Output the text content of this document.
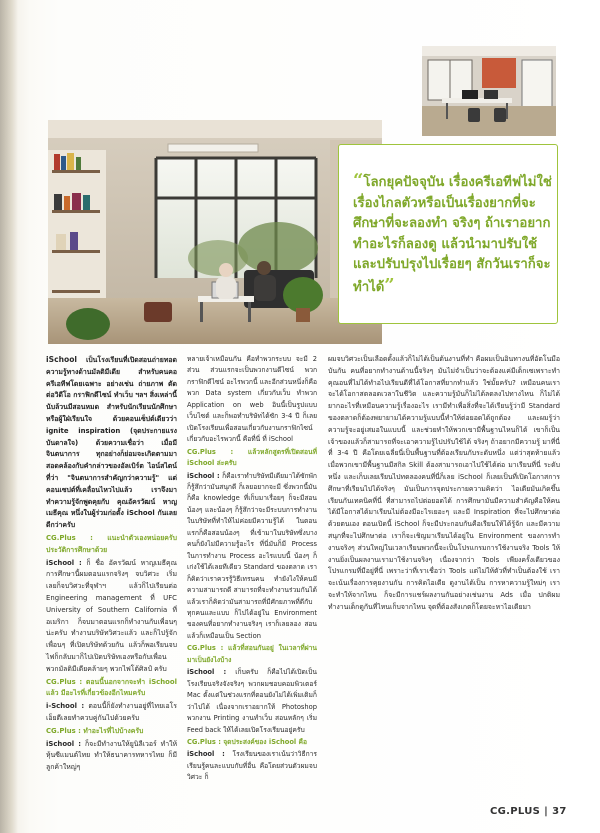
“โลกยุคปัจจุบัน เรื่องครีเอทีฟไม่ใช่เรื่องไกลตัวหรือเป็นเรื่องยากที่จะศึกษาที่จะลองทำ จริงๆ ถ้าเราอยากทำอะไรก็ลองดู แล้วนำมาปรับใช้ และปรับปรุงไปเรื่อยๆ สักวันเราก็จะทำได้”

iSchool เป็นโรงเรียนที่เปิดสอนถ่ายทอดความรู้ทางด้านมัลติมีเดีย สำหรับคนคอครีเอทีฟโดยเฉพาะ อย่างเช่น ถ่ายภาพ ตัดต่อวิดีโอ กราฟิกดีไซน์ ทำเว็บ ฯลฯ สิ่งเหล่านี้นับล้วนมีสอนหมด สำหรับนักเรียนนักศึกษาหรือผู้ใฝ่เรียนใจ ด้วยคอนเซ็ปต์เดียวว่า ignite inspiration (จุดประกายแรงบันดาลใจ) ด้วยความเชื่อว่า เมื่อมีจินตนาการ ทุกอย่างก็ย่อมจะเกิดตามมา สอดคล้องกับคำกล่าวของอัลเบิร์ต ไอน์สไตน์ ที่ว่า "จินตนาการสำคัญกว่าความรู้" แต่คอนเซปต์ที่เคลื่อนไหวไปแล้ว เราจึงมาทำความรู้จักพูดคุยกับ คุณอัครวัฒน์ หาญเมธีคุณ หนึ่งในผู้ร่วมก่อตั้ง iSchool กันเลยดีกว่าครับ

CG.Plus : แนะนำตัวเองหน่อยครับ ประวัติการศึกษาด้วย

iSchool : ก็ ชื่อ อัครวัฒน์ หาญเมธีคุณ การศึกษานี้ผมตอนแรกจริงๆ จบวิศวะ เริ่มเลยก็จบวิศวะที่จุฬาฯ แล้วก็ไปเรียนต่อ Engineering management ที่ UFC University of Southern California ที่อเมริกา ก็จบมาตอนแรกก็ทำงานกับเพื่อนๆ น่ะครับ ทำงานบริษัทวิศวะแล้ว และก็ไปรู้จักเพื่อนๆ ที่เปิดบริษัทด้วยกัน แล้วก็พอเรียนจบไฟก็กลับมาก็ไปเปิดบริษัทเองหรือกับเพื่อน พวกมัลติมีเดียคล้ายๆ พวกไฟโต้ศิลป์ ครับ

CG.Plus : ตอนนี้นอกจากจะทำ iSchool แล้ว มีอะไรที่เกี่ยวข้องอีกไหมครับ

i-School : ตอนนี้ก็ยังทำงานอยู่ที่ไทยเอโรเอ็ยตีเลยทำควบคู่กันไปด้วยครับ

CG.Plus : ทำอะไรที่ไปบ้างครับ

iSchool : ก็จะมีทำงานให้ยูนิลีเวอร์ ทำให้หุ้นซีแมนต์ไทย ทำให้ธนาคารทหารไทย ก็มีลูกค้าใหญ่ๆ

หลายเจ้าเหมือนกัน คือทำพวกระบบ จะมี 2 ส่วน ส่วนแรกจะเป็นพวกงานดีไซน์ พวกกราฟิกดีไซน์ อะไรพวกนี้ และอีกส่วนหนึ่งก็คือพวก Data system เกี่ยวกับเว็บ ทำพวก Application on web อินนี้เป็นรูปแบบเว็บไซต์ และก็พอทำบริษัทได้ซัก 3-4 ปี ก็เลยเปิดโรงเรียนเพื่อสอนเกี่ยวกับงานกราฟิกไซน์ เกี่ยวกับอะไรพวกนี้ คือที่นี่ ที่ iSchool

CG.Plus : แล้วหลักสูตรที่เปิดสอนที่ iSchool ล่ะครับ

iSchool : ก็คือเราทำบริษัทมีเดียมาได้ซักพัก ก็รู้สึกว่ามันสนุกดี ก็เลยอยากจะมี ซึ่งพวกนี้มันก็คือ knowledge ที่เก็บมาเรื่อยๆ ก็จะมีสอนน้องๆ และน้องๆ ก็รู้สึกว่าจะมีระบบการทำงานในบริษัทที่ทำให้ไม่ค่อยมีความรู้ได้ ในตอนแรกก็คือสอนน้องๆ ที่เข้ามาในบริษัทซึ่งบางคนก็ยังไม่มีความรู้อะไร ที่นี่มันก็มี Process ในการทำงาน Process อะไรแบบนี้ น้องๆ ก็เก่งใช้ได้เลยทีเดียว Standard ของตลาด เราก็คิดว่าเราควรรู้วิธีเทรนคน ทำยังไงให้คนมีความสามารถดี สามารถที่จะทำงานร่วมกันได้ แล้วเราก็คิดว่ามันสามารถที่มีศักยภาพที่ดีกับทุกคนและแบบ ก็ไปได้อยู่ใน Environment ของคนที่อยากทำงานจริงๆ เราก็เลยลอง สอนแล้วก็เหมือนเป็น Section

CG.Plus : แล้วที่สอนกันอยู่ ในเวลาที่ผ่านมาเป็นยังไงบ้าง

iSchool : เก็บครับ ก็คือไปได้เปิดเป็นโรงเรียนจริงจังจริงๆ พวกผมชอบคอมพิวเตอร์ Mac ตั้งแต่ในช่วงแรกที่ตอนยังไม่ได้เพิ่มเติมก็ว่าไปได้ เนื่องจากเราอยากให้ Photoshop พวกงาน Printing งานทำเว็บ สอนหลักๆ เริ่ม Feed back ให้ได้เลยเปิดโรงเรียนอยู่ครับ

CG.Plus : จุดประสงค์ของ iSchool คือ

iSchool : โรงเรียนของเราเน้นว่าวิธีการเรียนรู้คนละแบบกับที่อื่น คือโดยส่วนตัวผมจบวิศวะ ก็

ผมจบวิศวะเป็นเลือดดั้งแล้วก็ไม่ได้เป็นต้นงานที่ทำ คือผมเป็นอินทางนที่อัตโนมือบันกัน คนที่อยากทำงานด้านนี้จริงๆ มันไม่จำเป็นว่าจะต้องแค่มีเด็กเซเพราะทำคุณอนที่ไม่ได้ทำอไปเรียนดีที่ได้โอกาสที่ยากทำแล้ว ใช่มั้ยครับ? เหมือนคนเราจะได้โอกาสตลอดเวลาในชีวิต และความรู้มันก็ไม่ได้ลดลงไปทางไหน ก็ไม่ได้ยากอะไรที่เหมือนความรู้เรื่องอะไร เรามีทำเพื่อสิ่งที่จะได้เรียนรู้ว่ามี Standard ของตลาดก็ต้องพยายามได้ความรู้แบบนี้ทำให้ต่อยอดได้ถูกต้อง และผมรู้ว่าความรู้จะอยู่เสมอในแบบนี้ และช่วยทำให้พวกเขามีพื้นฐานไหนก็ได้ เขาก็เป็นเจ้าของแล้วก็สามารถที่จะเอาความรู้ไปปรับใช้ได้ จริงๆ ถ้าอยากมีความรู้ มาที่นี่ที่ 3-4 ปี คือโดยเฉลี่ยนี่เป็นพื้นฐานที่ต้องเรียนกับระดับหนึ่ง แต่ว่าสุดท้ายแล้วเมื่อพวกเขามีพื้นฐานมีสกิล Skill ต้องสามารถเอาไปใช้ได้ต่อ มาเรียนที่นี่ ระดับหนึ่ง และเก็บเลยเรียนไปทดลองคนที่นี่ก็เลย iSchool ก็เลยเป็นที่เปิดโอกาสการศึกษาที่เรียนไปได้จริงๆ มันเป็นการจุดประกายความคิดว่า ไอเดียมันเกิดขึ้น เรียนกันเทคนิคที่นี่ ที่สามารถไปต่อยอดได้ การศึกษามันมีความสำคัญคือให้คนได้มีโอกาสได้มาเรียนไม่ต้องมีอะไรเยอะๆ และมี Inspiration ที่จะไปศึกษาต่อด้วยตนเอง ตอนเปิดนี้ iSchool ก็จะมีประกอบกันคือเรียนให้ได้รู้จัก และมีความสนุกที่จะไปศึกษาต่อ เราก็จะเชิญมาเรียนได้อยู่ใน Environment ของการทำงานจริงๆ ส่วนใหญ่ในเวลาเรียนพวกนี้จะเป็นโปรแกรมการใช้งานจริง Tools ให้งานยิ่งเป็นผลงานเรามาใช้งานจริงๆ เนื่องจากว่า Tools เพียงครั้งเดียวของโปรแกรมที่มีอยู่ที่นี่ เพราะว่าที่เราเชื่อว่า Tools แต่ไม่ให้ตัวที่ทำเป็นต้องใช้ เราจะเน้นเรื่องการคุยงานกัน การคิดไอเดีย ดูงานได้เป็น การหาความรู้ใหม่ๆ เราจะทำให้จากไหน ก็จะมีการแชร์ผลงานกันอย่างเช่นงาน Ads เมื่อ ปกติผมทำงานเด็กดูกันที่ไหนเก็บจากไหน จุดที่ต้องสังเกตก็โดยจะหาไอเดียมา

CG.PLUS | 37
